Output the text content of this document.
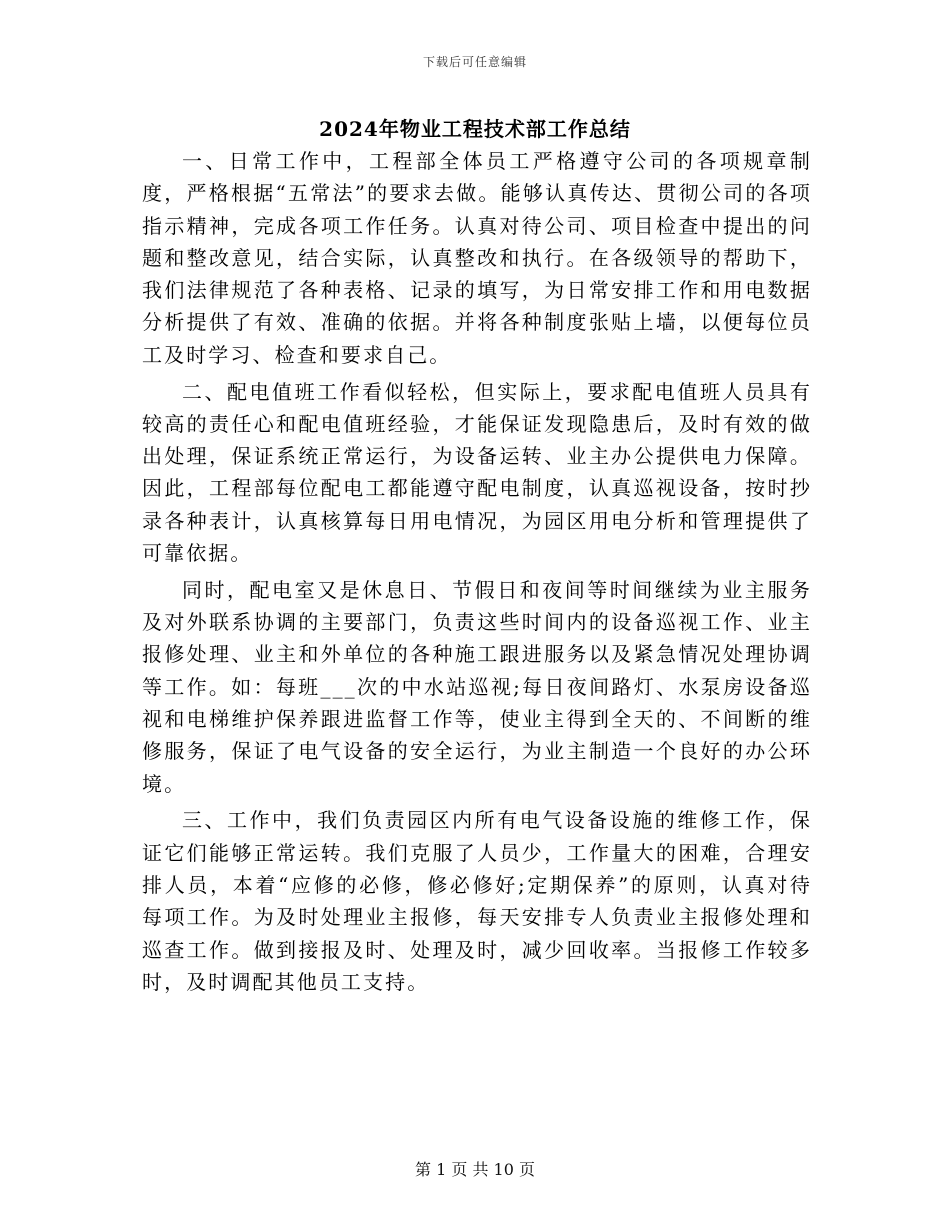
下载后可任意编辑
2024年物业工程技术部工作总结

一、日常工作中，工程部全体员工严格遵守公司的各项规章制度，严格根据“五常法”的要求去做。能够认真传达、贯彻公司的各项指示精神，完成各项工作任务。认真对待公司、项目检查中提出的问题和整改意见，结合实际，认真整改和执行。在各级领导的帮助下，我们法律规范了各种表格、记录的填写，为日常安排工作和用电数据分析提供了有效、准确的依据。并将各种制度张贴上墙，以便每位员工及时学习、检查和要求自己。

二、配电值班工作看似轻松，但实际上，要求配电值班人员具有较高的责任心和配电值班经验，才能保证发现隐患后，及时有效的做出处理，保证系统正常运行，为设备运转、业主办公提供电力保障。因此，工程部每位配电工都能遵守配电制度，认真巡视设备，按时抄录各种表计，认真核算每日用电情况，为园区用电分析和管理提供了可靠依据。

同时，配电室又是休息日、节假日和夜间等时间继续为业主服务及对外联系协调的主要部门，负责这些时间内的设备巡视工作、业主报修处理、业主和外单位的各种施工跟进服务以及紧急情况处理协调等工作。如：每班___次的中水站巡视;每日夜间路灯、水泵房设备巡视和电梯维护保养跟进监督工作等，使业主得到全天的、不间断的维修服务，保证了电气设备的安全运行，为业主制造一个良好的办公环境。

三、工作中，我们负责园区内所有电气设备设施的维修工作，保证它们能够正常运转。我们克服了人员少，工作量大的困难，合理安排人员，本着“应修的必修，修必修好;定期保养”的原则，认真对待每项工作。为及时处理业主报修，每天安排专人负责业主报修处理和巡查工作。做到接报及时、处理及时，减少回收率。当报修工作较多时，及时调配其他员工支持。

第 1 页 共 10 页
